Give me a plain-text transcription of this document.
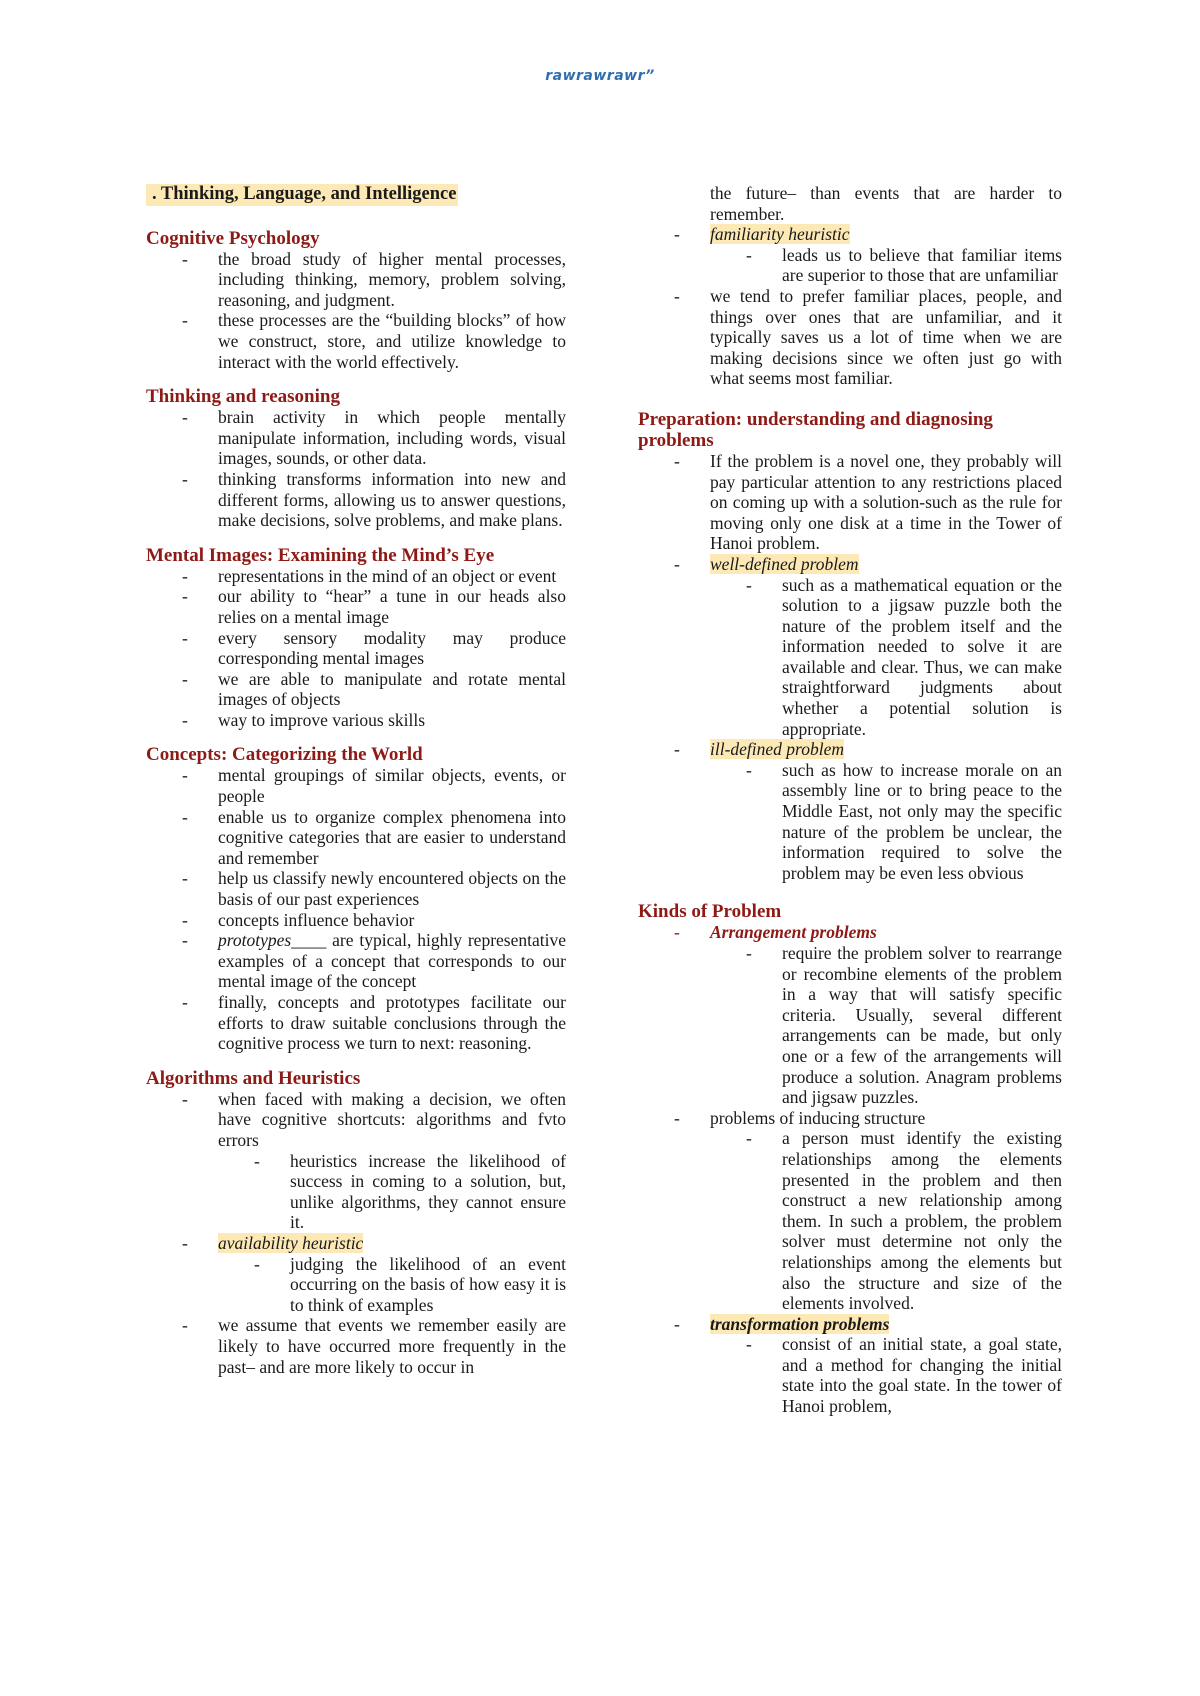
rawrawrawr”
. Thinking, Language, and Intelligence
Cognitive Psychology
- the broad study of higher mental processes, including thinking, memory, problem solving, reasoning, and judgment.
- these processes are the “building blocks” of how we construct, store, and utilize knowledge to interact with the world effectively.
Thinking and reasoning
- brain activity in which people mentally manipulate information, including words, visual images, sounds, or other data.
- thinking transforms information into new and different forms, allowing us to answer questions, make decisions, solve problems, and make plans.
Mental Images: Examining the Mind’s Eye
- representations in the mind of an object or event
- our ability to “hear” a tune in our heads also relies on a mental image
- every sensory modality may produce corresponding mental images
- we are able to manipulate and rotate mental images of objects
- way to improve various skills
Concepts: Categorizing the World
- mental groupings of similar objects, events, or people
- enable us to organize complex phenomena into cognitive categories that are easier to understand and remember
- help us classify newly encountered objects on the basis of our past experiences
- concepts influence behavior
- prototypes____ are typical, highly representative examples of a concept that corresponds to our mental image of the concept
- finally, concepts and prototypes facilitate our efforts to draw suitable conclusions through the cognitive process we turn to next: reasoning.
Algorithms and Heuristics
- when faced with making a decision, we often have cognitive shortcuts: algorithms and fvto errors
- heuristics increase the likelihood of success in coming to a solution, but, unlike algorithms, they cannot ensure it.
- availability heuristic
- judging the likelihood of an event occurring on the basis of how easy it is to think of examples
- we assume that events we remember easily are likely to have occurred more frequently in the past– and are more likely to occur in
the future– than events that are harder to remember.
- familiarity heuristic
- leads us to believe that familiar items are superior to those that are unfamiliar
- we tend to prefer familiar places, people, and things over ones that are unfamiliar, and it typically saves us a lot of time when we are making decisions since we often just go with what seems most familiar.
Preparation: understanding and diagnosing problems
- If the problem is a novel one, they probably will pay particular attention to any restrictions placed on coming up with a solution-such as the rule for moving only one disk at a time in the Tower of Hanoi problem.
- well-defined problem
- such as a mathematical equation or the solution to a jigsaw puzzle both the nature of the problem itself and the information needed to solve it are available and clear. Thus, we can make straightforward judgments about whether a potential solution is appropriate.
- ill-defined problem
- such as how to increase morale on an assembly line or to bring peace to the Middle East, not only may the specific nature of the problem be unclear, the information required to solve the problem may be even less obvious
Kinds of Problem
- Arrangement problems
- require the problem solver to rearrange or recombine elements of the problem in a way that will satisfy specific criteria. Usually, several different arrangements can be made, but only one or a few of the arrangements will produce a solution. Anagram problems and jigsaw puzzles.
- problems of inducing structure
- a person must identify the existing relationships among the elements presented in the problem and then construct a new relationship among them. In such a problem, the problem solver must determine not only the relationships among the elements but also the structure and size of the elements involved.
- transformation problems
- consist of an initial state, a goal state, and a method for changing the initial state into the goal state. In the tower of Hanoi problem,
